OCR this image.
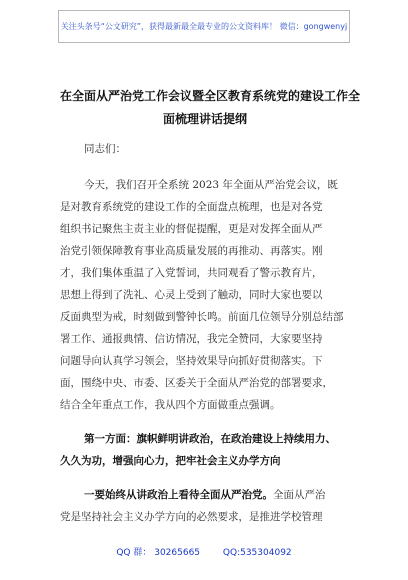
关注头条号“公文研究”，获得最新最全最专业的公文资料库！ 微信：gongwenyj
在全面从严治党工作会议暨全区教育系统党的建设工作全
面梳理讲话提纲
同志们：
今天，我们召开全系统 2023 年全面从严治党会议，既
是对教育系统党的建设工作的全面盘点梳理，也是对各党
组织书记聚焦主责主业的督促提醒，更是对发挥全面从严
治党引领保障教育事业高质量发展的再推动、再落实。刚
才，我们集体重温了入党誓词，共同观看了警示教育片，
思想上得到了洗礼、心灵上受到了触动，同时大家也要以
反面典型为戒，时刻做到警钟长鸣。前面几位领导分别总结部
署工作、通报典情、信访情况，我完全赞同，大家要坚持
问题导向认真学习领会，坚持效果导向抓好贯彻落实。下
面，围绕中央、市委、区委关于全面从严治党的部署要求，
结合全年重点工作，我从四个方面做重点强调。
第一方面：旗帜鲜明讲政治，在政治建设上持续用力、
久久为功，增强向心力，把牢社会主义办学方向
一要始终从讲政治上看待全面从严治党。全面从严治
党是坚持社会主义办学方向的必然要求，是推进学校管理
QQ 群： 30265665	QQ:535304092
